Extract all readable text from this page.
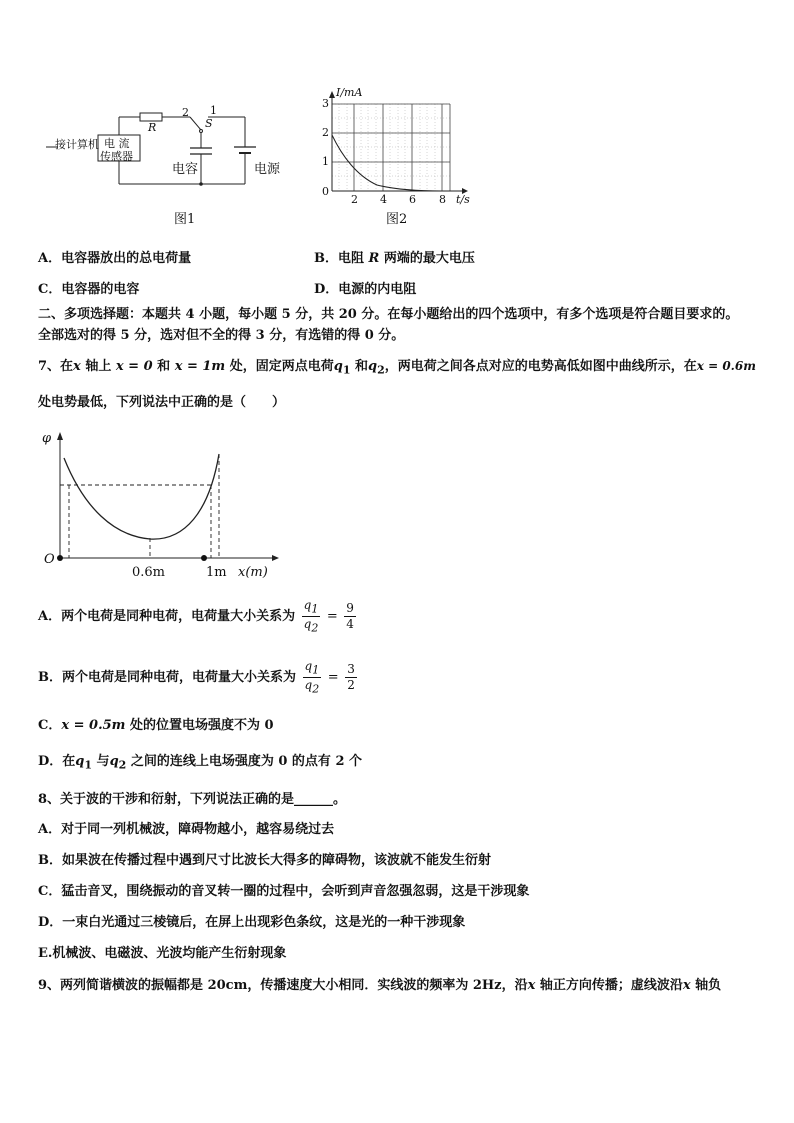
接计算机 电 流
传感器
R
2 1
S
电容	电源
图1
I/mA
0
1
2
3
2 4 6 8 t/s
图2
A．电容器放出的总电荷量	B．电阻 R 两端的最大电压
C．电容器的电容	D．电源的内电阻
二、多项选择题：本题共 4 小题，每小题 5 分，共 20 分。在每小题给出的四个选项中，有多个选项是符合题目要求的。
全部选对的得 5 分，选对但不全的得 3 分，有选错的得 0 分。
7、在x 轴上 x = 0 和 x = 1m 处，固定两点电荷$q_1$ 和$q_2$，两电荷之间各点对应的电势高低如图中曲线所示，在x = 0.6m
处电势最低，下列说法中正确的是（　　）
φ
O
0.6m	1m x(m)
A．两个电荷是同种电荷，电荷量大小关系为 $\frac{q_1}{q_2} = \frac{9}{4}$
B．两个电荷是同种电荷，电荷量大小关系为 $\frac{q_1}{q_2} = \frac{3}{2}$
C．x = 0.5m 处的位置电场强度不为 0
D．在$q_1$ 与$q_2$ 之间的连线上电场强度为 0 的点有 2 个
8、关于波的干涉和衍射，下列说法正确的是______。
A．对于同一列机械波，障碍物越小，越容易绕过去
B．如果波在传播过程中遇到尺寸比波长大得多的障碍物，该波就不能发生衍射
C．猛击音叉，围绕振动的音叉转一圈的过程中，会听到声音忽强忽弱，这是干涉现象
D．一束白光通过三棱镜后，在屏上出现彩色条纹，这是光的一种干涉现象
E.机械波、电磁波、光波均能产生衍射现象
9、两列简谐横波的振幅都是 20cm，传播速度大小相同．实线波的频率为 2Hz，沿x 轴正方向传播；虚线波沿x 轴负
